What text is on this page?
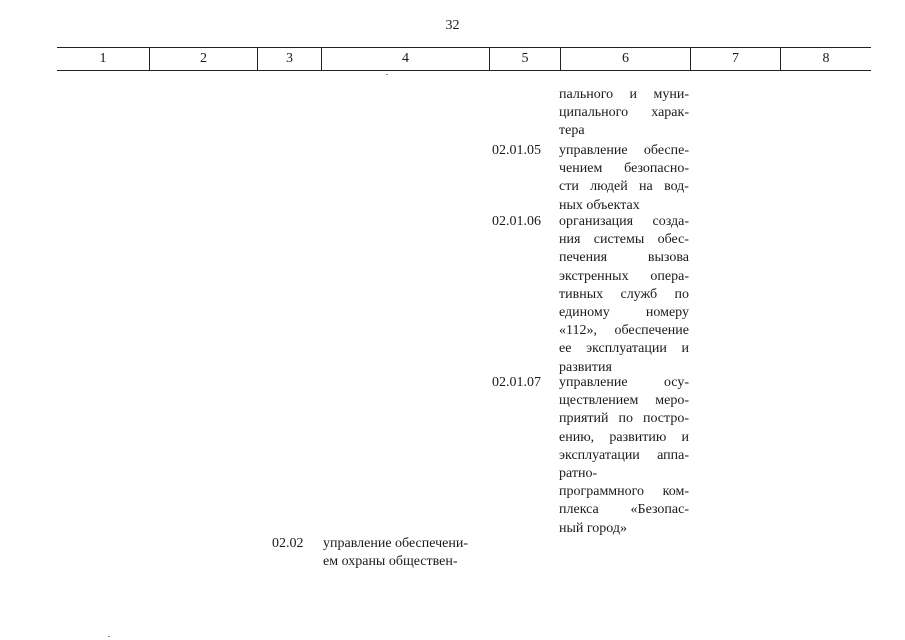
32
1	2	3	4	5	6	7	8
пального и муни-
ципального харак-
тера
02.01.05 управление обеспе-
чением безопасно-
сти людей на вод-
ных объектах
02.01.06 организация созда-
ния системы обес-
печения	вызова
экстренных опера-
тивных служб по
единому	номеру
«112», обеспечение
ее эксплуатации и
развития
02.01.07 управление	осу-
ществлением меро-
приятий по постро-
ению, развитию и
эксплуатации аппа-
ратно-
программного ком-
плекса «Безопас-
ный город»
02.02 управление обеспечени-
ем охраны обществен-
